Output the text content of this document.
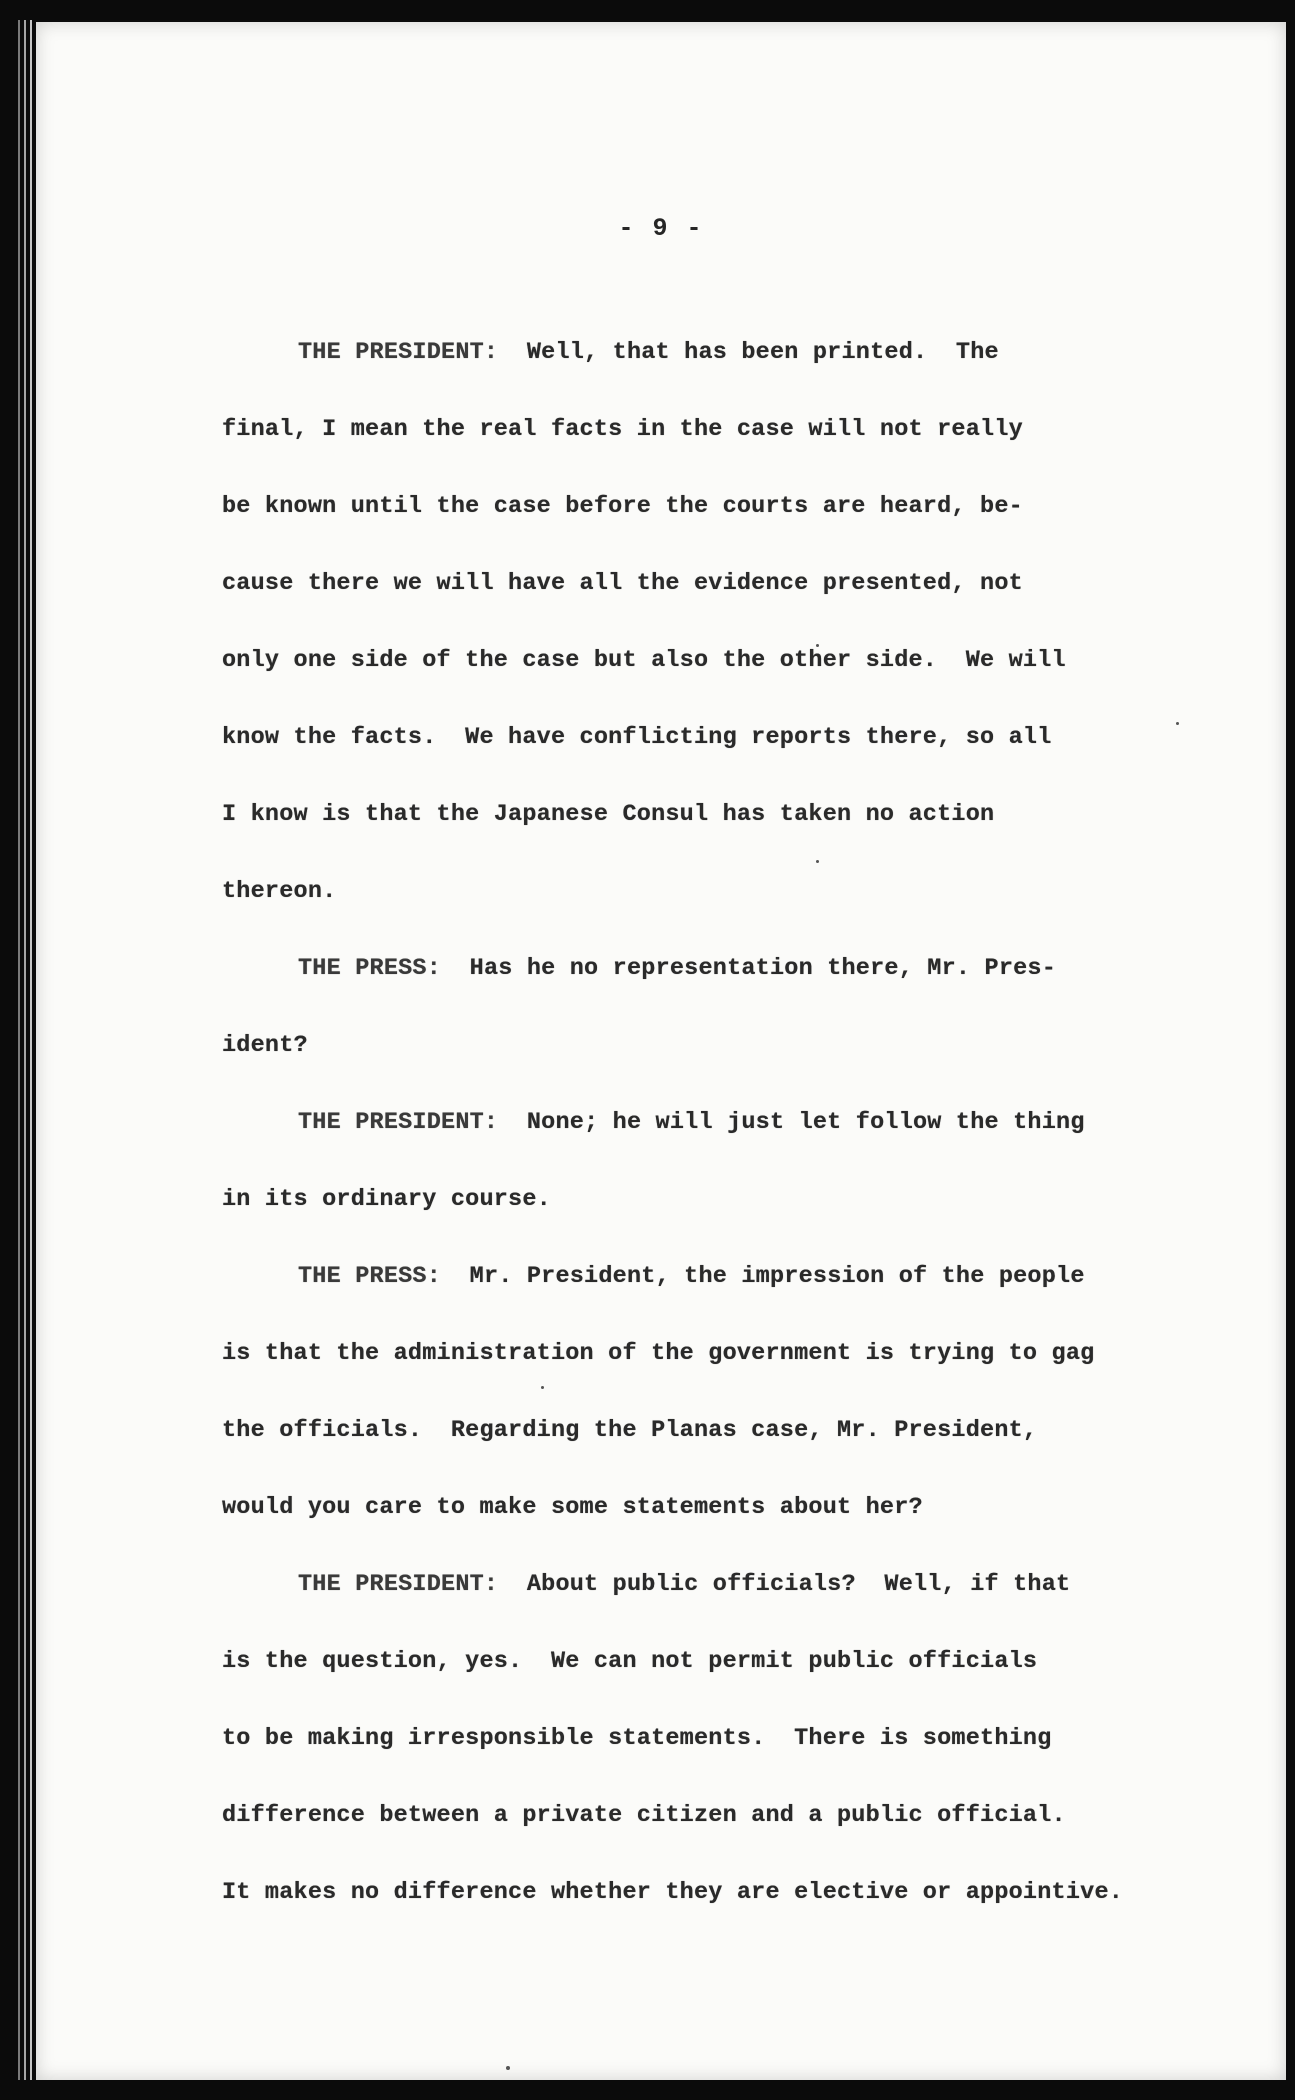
- 9 -
THE PRESIDENT:  Well, that has been printed.  The
final, I mean the real facts in the case will not really
be known until the case before the courts are heard, be-
cause there we will have all the evidence presented, not
only one side of the case but also the other side.  We will
know the facts.  We have conflicting reports there, so all
I know is that the Japanese Consul has taken no action
thereon.
THE PRESS:  Has he no representation there, Mr. Pres-
ident?
THE PRESIDENT:  None; he will just let follow the thing
in its ordinary course.
THE PRESS:  Mr. President, the impression of the people
is that the administration of the government is trying to gag
the officials.  Regarding the Planas case, Mr. President,
would you care to make some statements about her?
THE PRESIDENT:  About public officials?  Well, if that
is the question, yes.  We can not permit public officials
to be making irresponsible statements.  There is something
difference between a private citizen and a public official.
It makes no difference whether they are elective or appointive.
